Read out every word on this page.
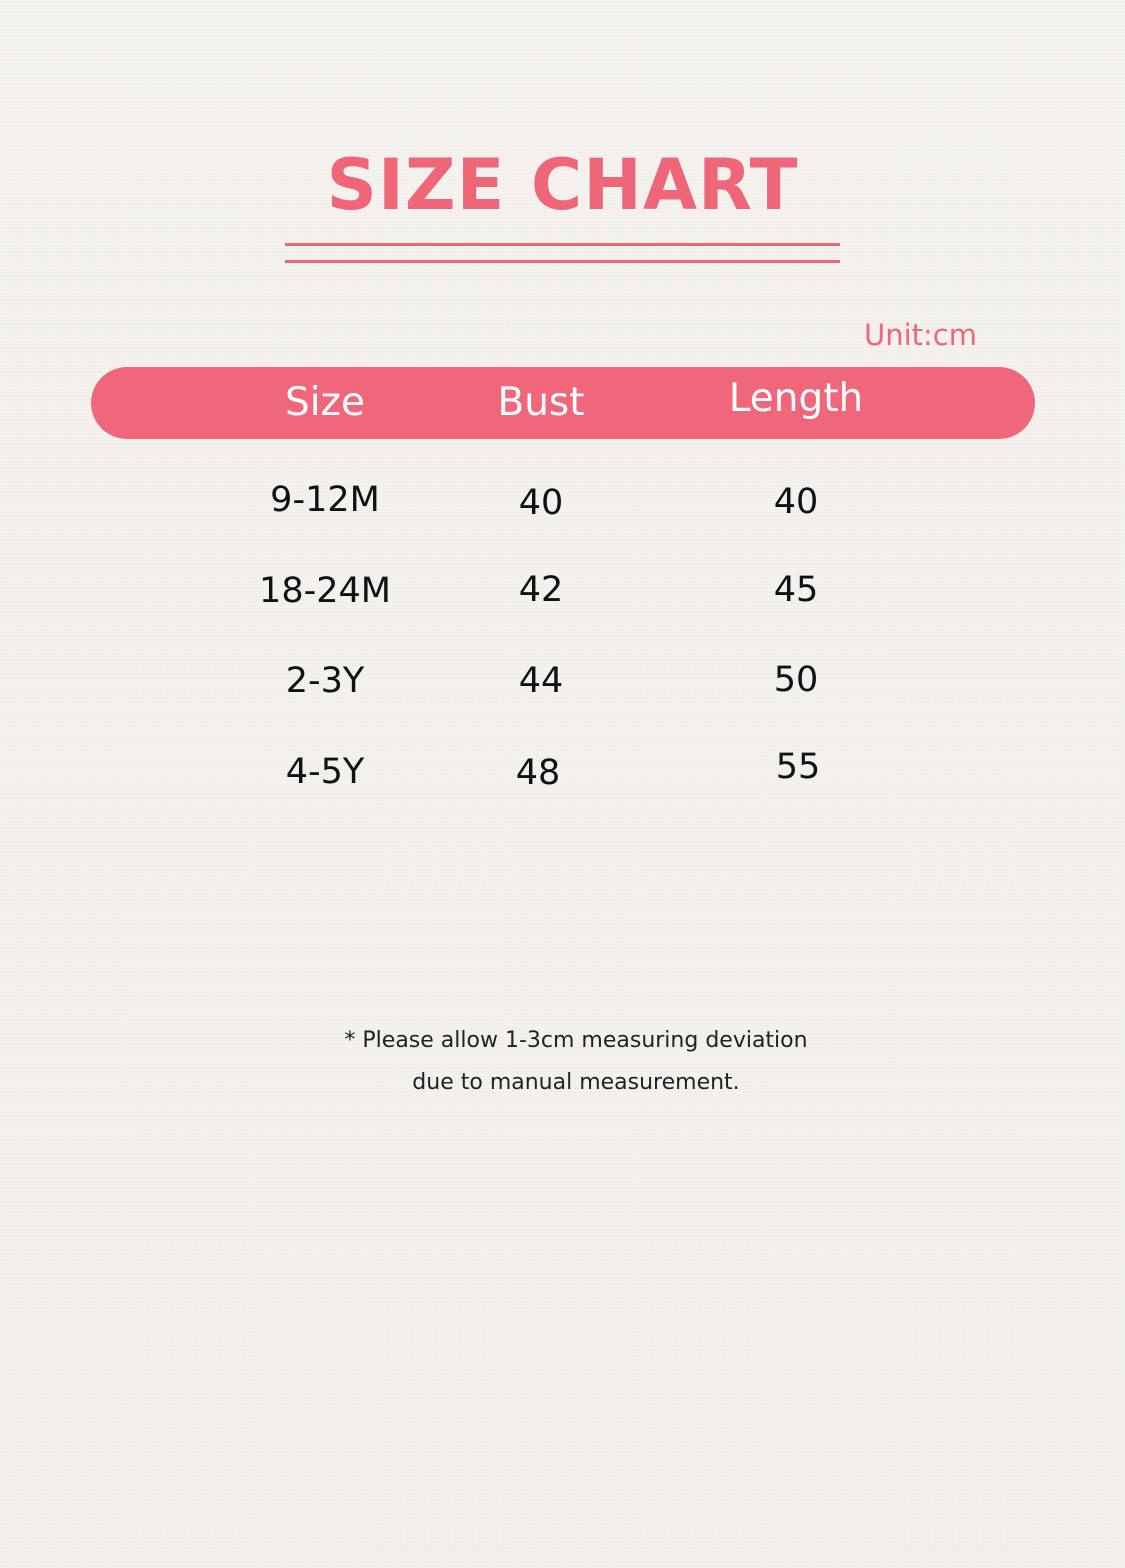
SIZE CHART
Unit:cm
Size	Bust	Length
9-12M	40	40
18-24M	42	45
2-3Y	44	50
4-5Y	48	55
* Please allow 1-3cm measuring deviation
due to manual measurement.
